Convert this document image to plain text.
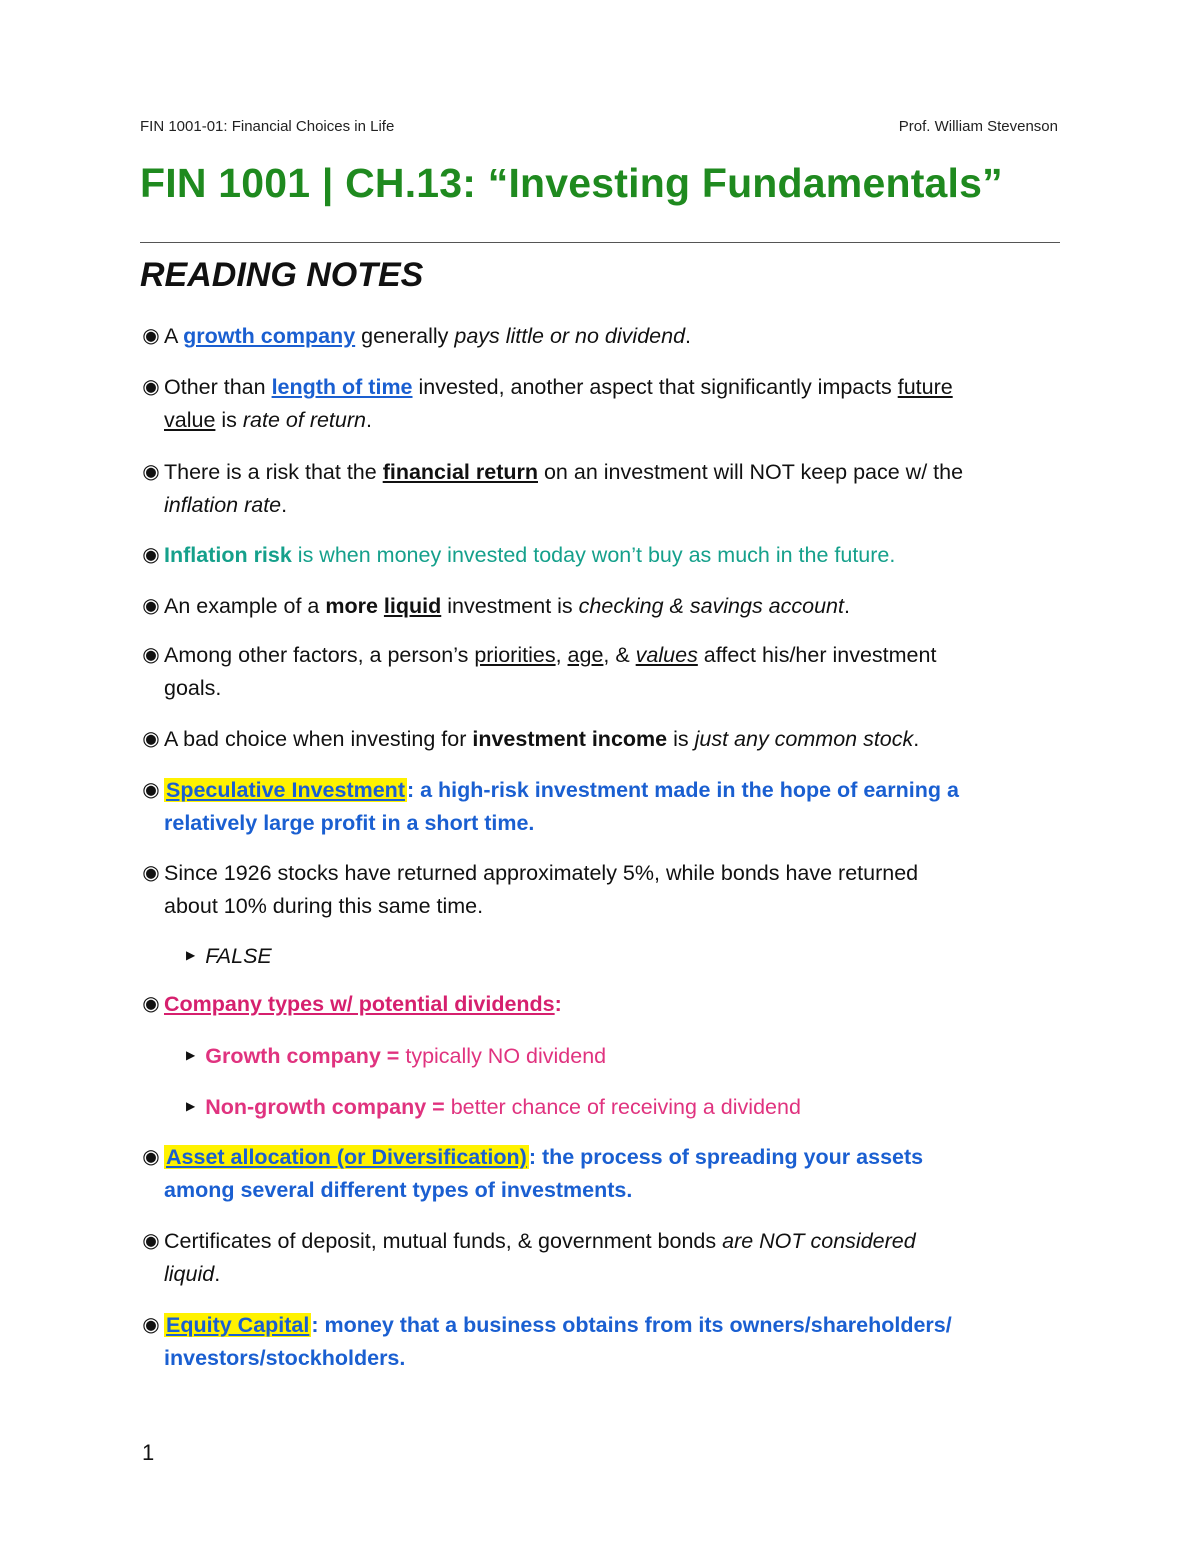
FIN 1001-01: Financial Choices in Life	Prof. William Stevenson
FIN 1001 | CH.13: “Investing Fundamentals”
READING NOTES
◉ A growth company generally pays little or no dividend.
◉ Other than length of time invested, another aspect that significantly impacts future
value is rate of return.
◉ There is a risk that the financial return on an investment will NOT keep pace w/ the
inflation rate.
◉ Inflation risk is when money invested today won’t buy as much in the future.
◉ An example of a more liquid investment is checking & savings account.
◉ Among other factors, a person’s priorities, age, & values affect his/her investment
goals.
◉ A bad choice when investing for investment income is just any common stock.
◉ Speculative Investment: a high-risk investment made in the hope of earning a
relatively large profit in a short time.
◉ Since 1926 stocks have returned approximately 5%, while bonds have returned
about 10% during this same time.
▶ FALSE
◉ Company types w/ potential dividends:
▶ Growth company = typically NO dividend
▶ Non-growth company = better chance of receiving a dividend
◉ Asset allocation (or Diversification): the process of spreading your assets
among several different types of investments.
◉ Certificates of deposit, mutual funds, & government bonds are NOT considered
liquid.
◉ Equity Capital: money that a business obtains from its owners/shareholders/
investors/stockholders.
1
